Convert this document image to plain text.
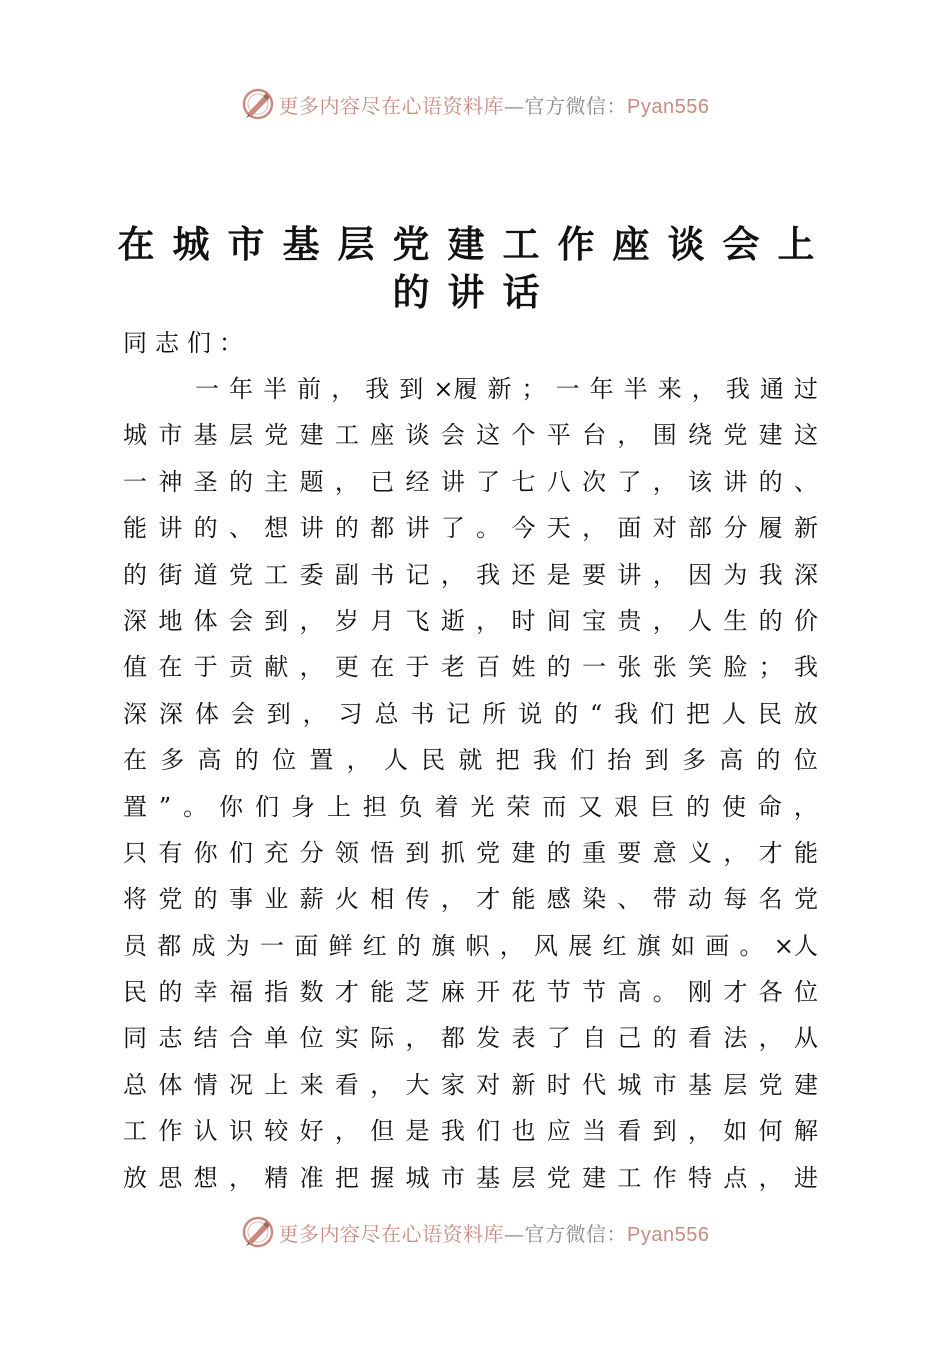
更多内容尽在心语资料库—官方微信：Pyan556
在城市基层党建工作座谈会上
的讲话
同志们：
一 年 半 前 ， 我 到 ×履 新 ； 一 年 半 来 ， 我 通 过
城 市 基 层 党 建 工 座 谈 会 这 个 平 台 ， 围 绕 党 建 这
一 神 圣 的 主 题 ， 已 经 讲 了 七 八 次 了 ， 该 讲 的 、
能 讲 的 、 想 讲 的 都 讲 了 。 今 天 ， 面 对 部 分 履 新
的 街 道 党 工 委 副 书 记 ， 我 还 是 要 讲 ， 因 为 我 深
深 地 体 会 到 ， 岁 月 飞 逝 ， 时 间 宝 贵 ， 人 生 的 价
值 在 于 贡 献 ， 更 在 于 老 百 姓 的 一 张 张 笑 脸 ； 我
深 深 体 会 到 ， 习 总 书 记 所 说 的 “ 我 们 把 人 民 放
在 多 高 的 位 置 ， 人 民 就 把 我 们 抬 到 多 高 的 位
置 ” 。 你 们 身 上 担 负 着 光 荣 而 又 艰 巨 的 使 命 ，
只 有 你 们 充 分 领 悟 到 抓 党 建 的 重 要 意 义 ， 才 能
将 党 的 事 业 薪 火 相 传 ， 才 能 感 染 、 带 动 每 名 党
员 都 成 为 一 面 鲜 红 的 旗 帜 ， 风 展 红 旗 如 画 。 ×人
民 的 幸 福 指 数 才 能 芝 麻 开 花 节 节 高 。 刚 才 各 位
同 志 结 合 单 位 实 际 ， 都 发 表 了 自 己 的 看 法 ， 从
总 体 情 况 上 来 看 ， 大 家 对 新 时 代 城 市 基 层 党 建
工 作 认 识 较 好 ， 但 是 我 们 也 应 当 看 到 ， 如 何 解
放 思 想 ， 精 准 把 握 城 市 基 层 党 建 工 作 特 点 ， 进
更多内容尽在心语资料库—官方微信：Pyan556
